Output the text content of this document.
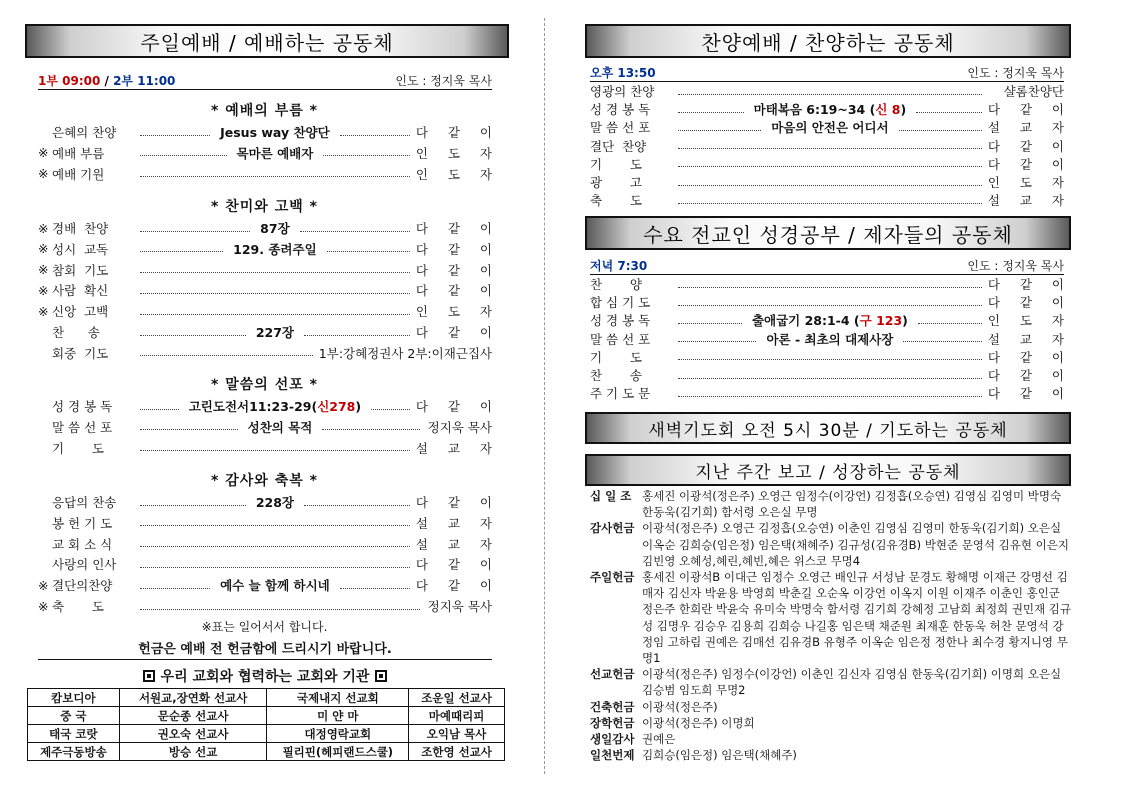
주일예배 / 예배하는 공동체
1부 09:00 / 2부 11:00	인도 : 정지욱 목사
* 예배의 부름 *
은혜의 찬양	Jesus way 찬양단	다 같 이
※ 예배 부름	목마른 예배자	인 도 자
※ 예배 기원	인 도 자
* 찬미와 고백 *
※ 경배  찬양	87장	다 같 이
※ 성시  교독	129. 종려주일	다 같 이
※ 참회  기도	다 같 이
※ 사람  확신	다 같 이
※ 신앙  고백	인 도 자
찬      송	227장	다 같 이
회중  기도	1부:강혜정권사 2부:이재근집사
* 말씀의 선포 *
성 경 봉 독	고린도전서11:23-29(신278)	다 같 이
말 씀 선 포	성찬의 목적	정지욱 목사
기       도	설 교 자
* 감사와 축복 *
응답의 찬송	228장	다 같 이
봉 헌 기 도	설 교 자
교 회 소 식	설 교 자
사랑의 인사	다 같 이
※ 결단의찬양	예수 늘 함께 하시네	다 같 이
※ 축       도	정지욱 목사
※표는 일어서서 합니다.
헌금은 예배 전 헌금함에 드리시기 바랍니다.
우리 교회와 협력하는 교회와 기관
캄보디아	서원교,장연화 선교사	국제내지 선교회	조운일 선교사
중 국	문순종 선교사	미 얀 마	마예때리피
태국 코랏	권오숙 선교사	대정영락교회	오익남 목사
제주극동방송	방승 선교	필리핀(헤피랜드스쿨)	조한영 선교사
찬양예배 / 찬양하는 공동체
오후 13:50	인도 : 정지욱 목사
영광의 찬양	샬롬찬양단
성 경 봉 독	마태복음 6:19~34 (신 8)	다 같 이
말 씀 선 포	마음의 안전은 어디서	설 교 자
결단  찬양	다 같 이
기       도	다 같 이
광       고	인 도 자
축       도	설 교 자
수요 전교인 성경공부 / 제자들의 공동체
저녁 7:30	인도 : 정지욱 목사
찬       양	다 같 이
합 심 기 도	다 같 이
성 경 봉 독	출애굽기 28:1-4 (구 123)	인 도 자
말 씀 선 포	아론 - 최초의 대제사장	설 교 자
기       도	다 같 이
찬       송	다 같 이
주 기 도 문	다 같 이
새벽기도회 오전 5시 30분 / 기도하는 공동체
지난 주간 보고 / 성장하는 공동체
십 일 조 홍세진 이광석(정은주) 오영근 임정수(이강언) 김정흡(오승연) 김영심 김영미 박명숙 한동욱(김기희) 함서령 오은실 무명
감사헌금 이광석(정은주) 오영근 김정흡(오승연) 이춘인 김영심 김영미 한동욱(김기희) 오은실 이옥순 김희승(임은정) 임은택(채혜주) 김규성(김유경B) 박현준 문영석 김유현 이은지 김빈영 오혜성,혜린,혜빈,혜은 위스코 무명4
주일헌금 홍세진 이광석B 이대근 임정수 오영근 배인규 서성남 문경도 황해명 이재근 강명선 김매자 김신자 박윤용 박영희 박춘길 오순옥 이강언 이옥지 이원 이재주 이춘인 홍인군 정은주 한희란 박윤숙 유미숙 박명숙 함서령 김기희 강혜정 고남희 최정희 권민재 김규성 김명우 김승우 김용희 김희승 나길홍 임은택 채준원 최재훈 한동욱 허찬 문영석 강정임 고하림 권예은 김매선 김유경B 유형주 이옥순 임은정 정한나 최수경 황지니영 무명1
선교헌금 이광석(정은주) 임정수(이강언) 이춘인 김신자 김영심 한동욱(김기희) 이명희 오은실 김승범 임도희 무명2
건축헌금 이광석(정은주)
장학헌금 이광석(정은주) 이명희
생일감사 권예은
일천번제 김희승(임은정) 임은택(채혜주)
